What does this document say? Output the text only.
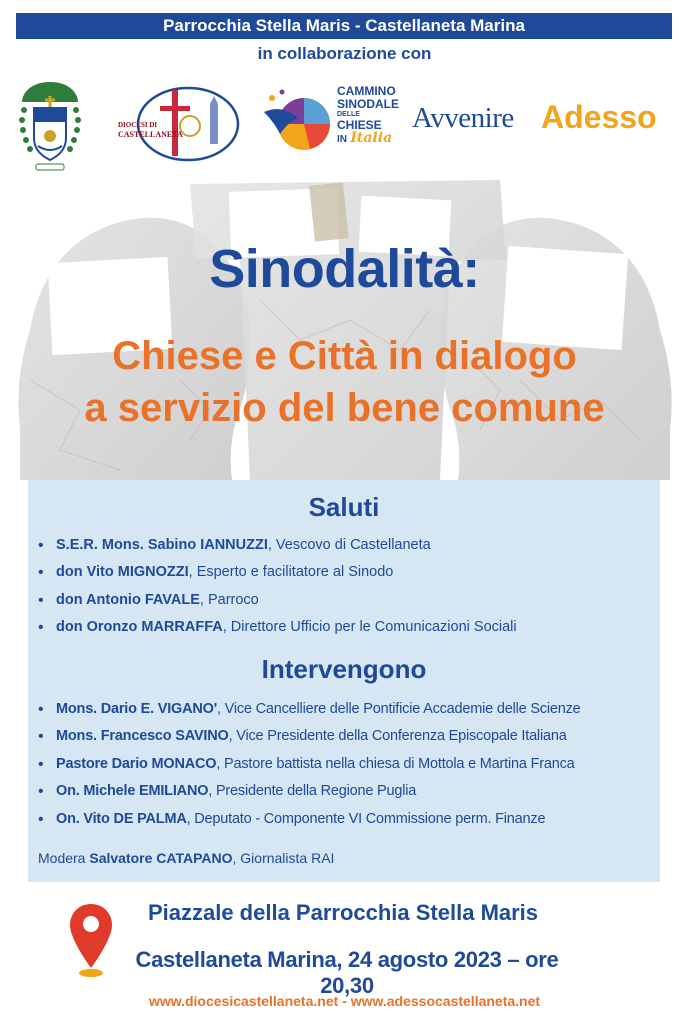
Parrocchia Stella Maris - Castellaneta Marina
in collaborazione con
DIOCESI DI
CASTELLANETA
CAMMINO
SINODALE
DELLE
CHIESE
IN Italia
Avvenire Adesso
Sinodalità:
Chiese e Città in dialogo
a servizio del bene comune
Saluti
• S.E.R. Mons. Sabino IANNUZZI, Vescovo di Castellaneta
• don Vito MIGNOZZI, Esperto e facilitatore al Sinodo
• don Antonio FAVALE, Parroco
• don Oronzo MARRAFFA, Direttore Ufficio per le Comunicazioni Sociali
Intervengono
• Mons. Dario E. VIGANO', Vice Cancelliere delle Pontificie Accademie delle Scienze
• Mons. Francesco SAVINO, Vice Presidente della Conferenza Episcopale Italiana
• Pastore Dario MONACO, Pastore battista nella chiesa di Mottola e Martina Franca
• On. Michele EMILIANO, Presidente della Regione Puglia
• On. Vito DE PALMA, Deputato - Componente VI Commissione perm. Finanze
Modera Salvatore CATAPANO, Giornalista RAI
Piazzale della Parrocchia Stella Maris
Castellaneta Marina, 24 agosto 2023 – ore 20,30
www.diocesicastellaneta.net - www.adessocastellaneta.net
